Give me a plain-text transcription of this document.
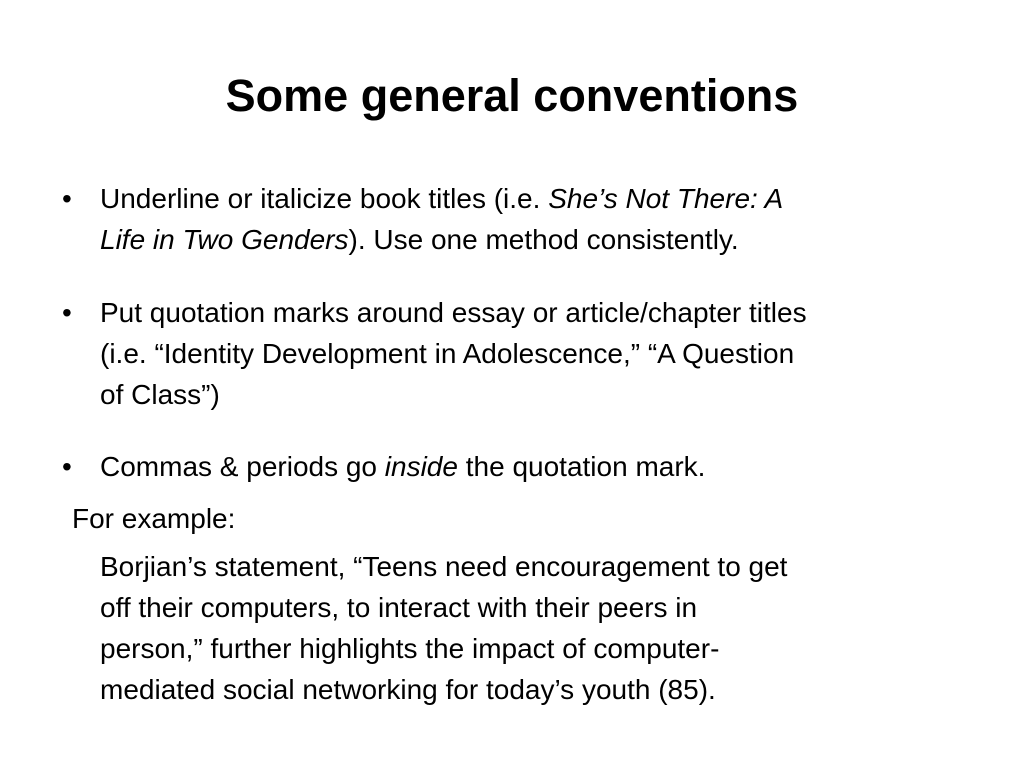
Some general conventions
• Underline or italicize book titles (i.e. She’s Not There: A
Life in Two Genders). Use one method consistently.
• Put quotation marks around essay or article/chapter titles
(i.e. “Identity Development in Adolescence,” “A Question
of Class”)
• Commas & periods go inside the quotation mark.
For example:
Borjian’s statement, “Teens need encouragement to get
off their computers, to interact with their peers in
person,” further highlights the impact of computer-
mediated social networking for today’s youth (85).
